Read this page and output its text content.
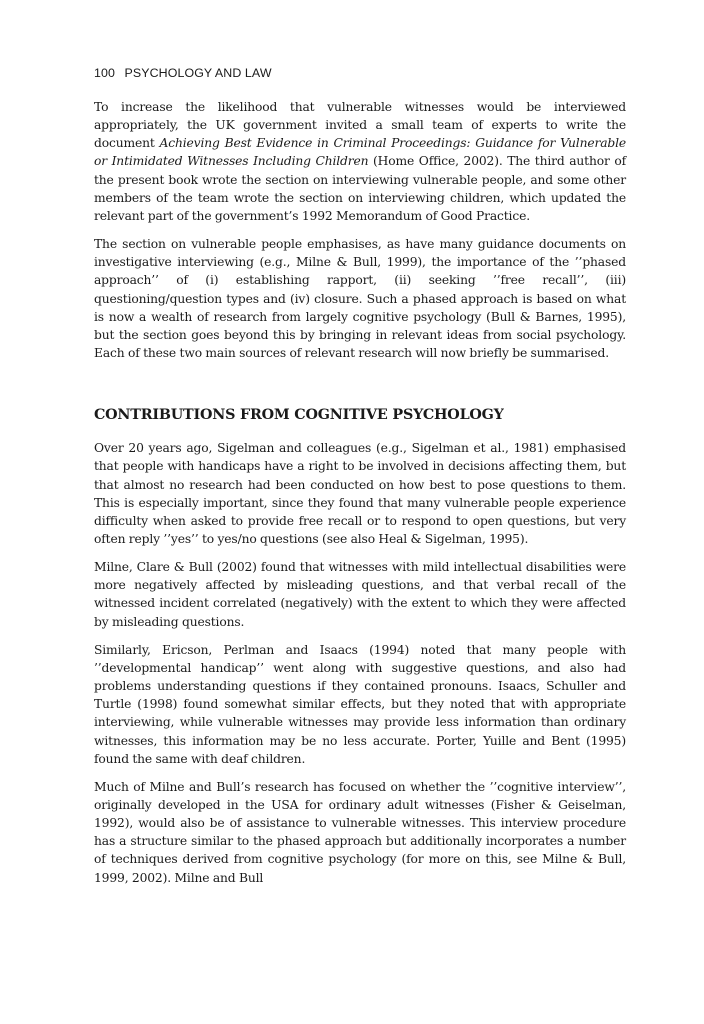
100 PSYCHOLOGY AND LAW

To increase the likelihood that vulnerable witnesses would be interviewed appropriately, the UK government invited a small team of experts to write the document Achieving Best Evidence in Criminal Proceedings: Guidance for Vulnerable or Intimidated Witnesses Including Children (Home Office, 2002). The third author of the present book wrote the section on interviewing vulnerable people, and some other members of the team wrote the section on interviewing children, which updated the relevant part of the government’s 1992 Memorandum of Good Practice.

The section on vulnerable people emphasises, as have many guidance documents on investigative interviewing (e.g., Milne & Bull, 1999), the importance of the ’’phased approach’’ of (i) establishing rapport, (ii) seeking ’’free recall’’, (iii) questioning/question types and (iv) closure. Such a phased approach is based on what is now a wealth of research from largely cognitive psychology (Bull & Barnes, 1995), but the section goes beyond this by bringing in relevant ideas from social psychology. Each of these two main sources of relevant research will now briefly be summarised.

CONTRIBUTIONS FROM COGNITIVE PSYCHOLOGY

Over 20 years ago, Sigelman and colleagues (e.g., Sigelman et al., 1981) emphasised that people with handicaps have a right to be involved in decisions affecting them, but that almost no research had been conducted on how best to pose questions to them. This is especially important, since they found that many vulnerable people experience difficulty when asked to provide free recall or to respond to open questions, but very often reply ’’yes’’ to yes/no questions (see also Heal & Sigelman, 1995).

Milne, Clare & Bull (2002) found that witnesses with mild intellectual disabilities were more negatively affected by misleading questions, and that verbal recall of the witnessed incident correlated (negatively) with the extent to which they were affected by misleading questions.

Similarly, Ericson, Perlman and Isaacs (1994) noted that many people with ’’developmental handicap’’ went along with suggestive questions, and also had problems understanding questions if they contained pronouns. Isaacs, Schuller and Turtle (1998) found somewhat similar effects, but they noted that with appropriate interviewing, while vulnerable witnesses may provide less information than ordinary witnesses, this information may be no less accurate. Porter, Yuille and Bent (1995) found the same with deaf children.

Much of Milne and Bull’s research has focused on whether the ’’cognitive interview’’, originally developed in the USA for ordinary adult witnesses (Fisher & Geiselman, 1992), would also be of assistance to vulnerable witnesses. This interview procedure has a structure similar to the phased approach but additionally incorporates a number of techniques derived from cognitive psychology (for more on this, see Milne & Bull, 1999, 2002). Milne and Bull
